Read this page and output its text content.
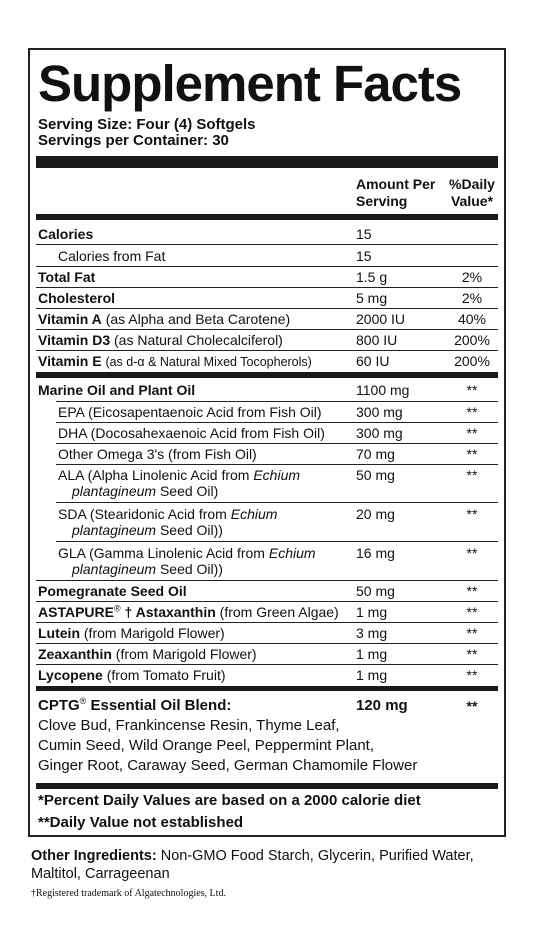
Supplement Facts
Serving Size: Four (4) Softgels
Servings per Container: 30
Amount Per
Serving
%Daily
Value*
Calories	15
Calories from Fat	15
Total Fat	1.5 g	2%
Cholesterol	5 mg	2%
Vitamin A (as Alpha and Beta Carotene)	2000 IU	40%
Vitamin D3 (as Natural Cholecalciferol)	800 IU	200%
Vitamin E (as d-α & Natural Mixed Tocopherols)	60 IU	200%
Marine Oil and Plant Oil	1100 mg	**
EPA (Eicosapentaenoic Acid from Fish Oil) 300 mg	**
DHA (Docosahexaenoic Acid from Fish Oil) 300 mg	**
Other Omega 3's (from Fish Oil)	70 mg	**
ALA (Alpha Linolenic Acid from Echium
plantagineum Seed Oil)
50 mg	**
SDA (Stearidonic Acid from Echium
plantagineum Seed Oil))
20 mg	**
GLA (Gamma Linolenic Acid from Echium
plantagineum Seed Oil))
16 mg	**
Pomegranate Seed Oil	50 mg	**
ASTAPURE® † Astaxanthin (from Green Algae) 1 mg	**
Lutein (from Marigold Flower)	3 mg	**
Zeaxanthin (from Marigold Flower)	1 mg	**
Lycopene (from Tomato Fruit)	1 mg	**
CPTG® Essential Oil Blend:	120 mg	**
Clove Bud, Frankincense Resin, Thyme Leaf,
Cumin Seed, Wild Orange Peel, Peppermint Plant,
Ginger Root, Caraway Seed, German Chamomile Flower
*Percent Daily Values are based on a 2000 calorie diet
**Daily Value not established
Other Ingredients: Non-GMO Food Starch, Glycerin, Purified Water, Maltitol, Carrageenan
†Registered trademark of Algatechnologies, Ltd.
